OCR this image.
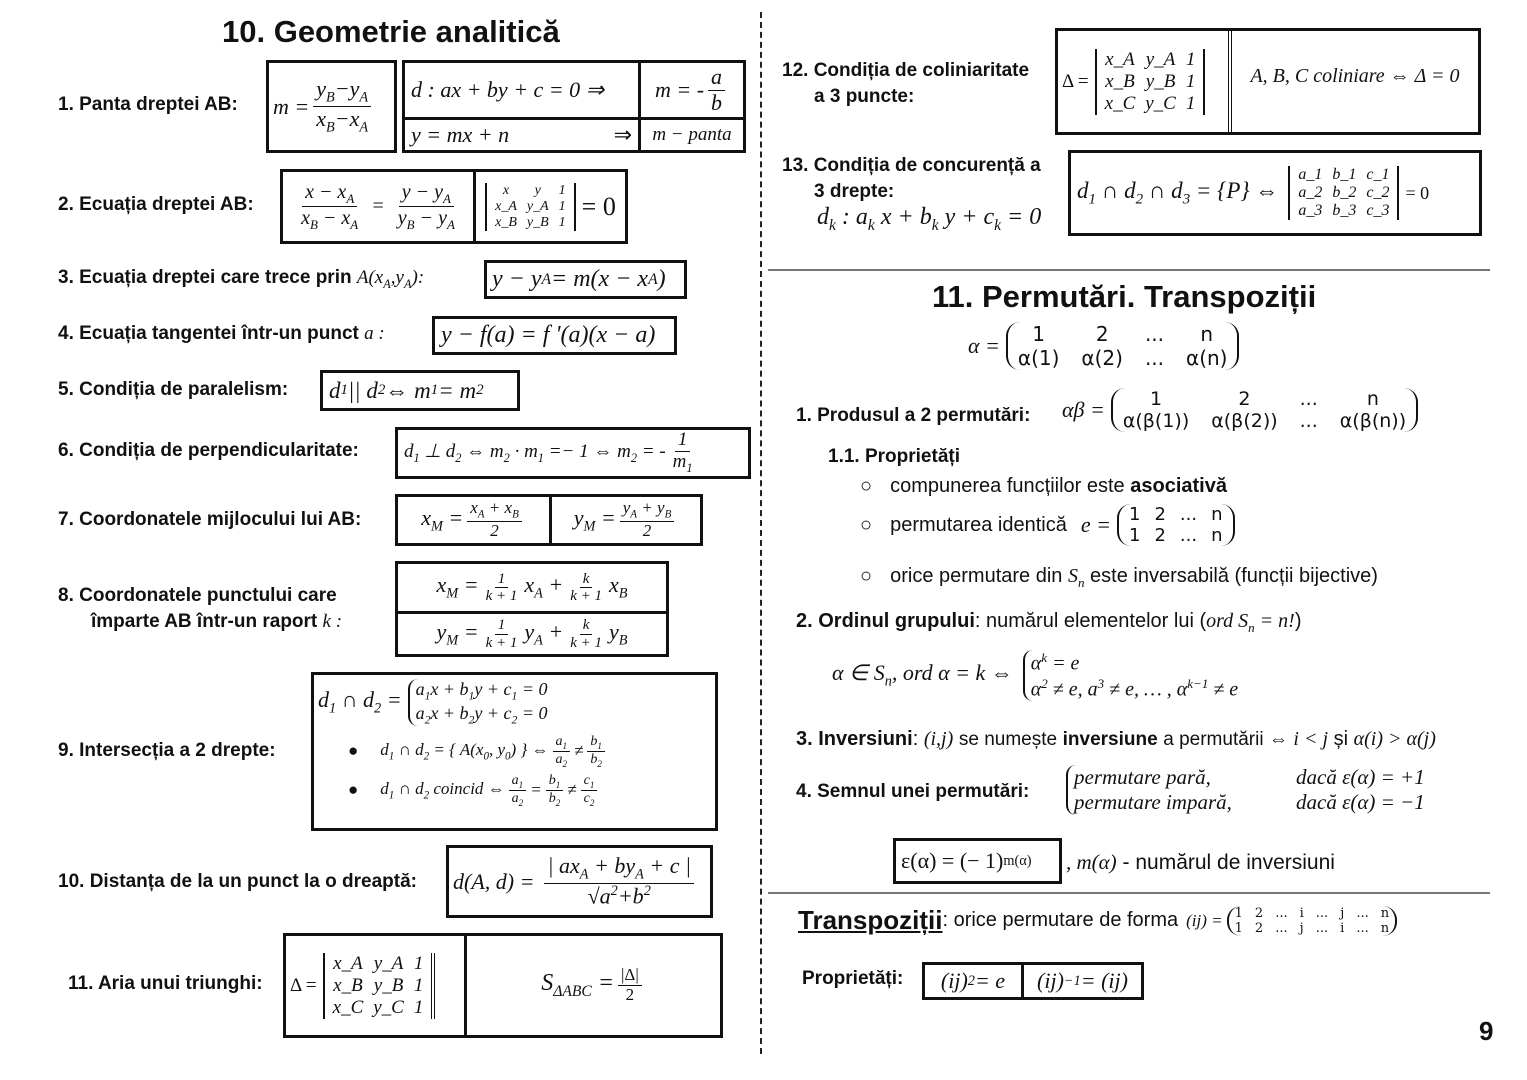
10. Geometrie analitică
1. Panta dreptei AB: $m = \frac{y_B-y_A}{x_B-x_A}$ d : ax + by + c = 0 ⇒	m = - $\frac{a}{b}$
y = mx + n	⇒	m − panta
2. Ecuația dreptei AB: $\frac{x - x_A}{x_B - x_A} = \frac{y - y_A}{y_B - y_A}$	x	y	1
x_A y_A 1
x_B y_B 1
= 0
3. Ecuația dreptei care trece prin $A(x_A,y_A)$:	y − y A = m(x − x A )
4. Ecuația tangentei într-un punct a :	y − f(a) = f '(a)(x − a)
5. Condiția de paralelism:	d 1 || d 2 ⇔ m 1 = m 2
6. Condiția de perpendicularitate: $d_1$ ⊥ $d_2$ ⇔ $m_2 \cdot m_1 =- 1$ ⇔ $m_2$ = - $\frac{1}{m_1}$
7. Coordonatele mijlocului lui AB:	$x_M = \frac{x_A + x_B}{2} y_M = \frac{y_A + y_B}{2}$
8. Coordonatele punctului care
împarte AB într-un raport k :
$x_M = \frac{1}{k + 1} x_A + \frac{k}{k + 1} x_B$
$y_M = \frac{1}{k + 1} y_A + \frac{k}{k + 1} y_B$
9. Intersecția a 2 drepte:
$d_1$ ∩ $d_2 = a_1x + b_1y + c_1 = 0$
$a_2x + b_2y + c_2 = 0$
● $d_1$ ∩ $d_2$ = { $A(x_0$, $y_0$) } ⇔ $\frac{a_1}{a_2} \ne \frac{b_1}{b_2}$
● $d_1$ ∩ $d_2$ coincid ⇔ $\frac{a_1}{a_2} = \frac{b_1}{b_2} \ne \frac{c_1}{c_2}$
10. Distanța de la un punct la o dreaptă: d(A, $d) = \frac{| ax_A + by_A + c |}{√a^2+b^2}$
11. Aria unui triunghi: Δ =
x_A y_A 1
x_B y_B 1
x_C y_C 1
$S_{\Delta ABC} = \frac{|\Delta|}{2}$
12. Condiția de coliniaritate
a 3 puncte:
Δ =
x_A y_A 1
x_B y_B 1
x_C y_C 1
A, B, C coliniare ⇔ Δ = 0
13. Condiția de concurență a
3 drepte:
$d_k$ : $a_k$ $x + b_k$ $y + c_k = 0$
$d_1$ ∩ $d_2$ ∩ $d_3 = \{P\}$ ⇔
a_1 b_1 c_1
a_2 b_2 c_2
a_3 b_3 c_3
= 0
11. Permutări. Transpoziții
α =	1	2	...	n
α(1) α(2) ... α(n)
1. Produsul a 2 permutări: αβ =	1	2	...	n
α(β(1)) α(β(2)) ... α(β(n))
1.1. Proprietăți
○ compunerea funcțiilor este asociativă
○ permutarea identică e = 1 2 ... n
1 2 ... n
○ orice permutare din $S_n$ este inversabilă (funcții bijective)
2. Ordinul grupului: numărul elementelor lui (ord $S_n = n$!)
α ∈ $S_n$, ord α = k ⇔ $\alpha^k = e$
$\alpha^2 \ne e$, $a^3 \ne e$, … , $\alpha^{k-1} \ne e$
3. Inversiuni: (i,j) se numește inversiune a permutării ⇔ i < j și α(i) > α(j)
4. Semnul unei permutări:
permutare pară,	dacă ε(α) = +1
permutare impară,	dacă ε(α) = −1
ε(α) = (− 1) m(α) , m(α) - numărul de inversiuni
Transpoziții : orice permutare de forma (ij) = 1 2 ... i ... j ... n
1 2 ... j ... i ... n
Proprietăți:	(ij) 2 = e	(ij) −1 = (ij)
9
